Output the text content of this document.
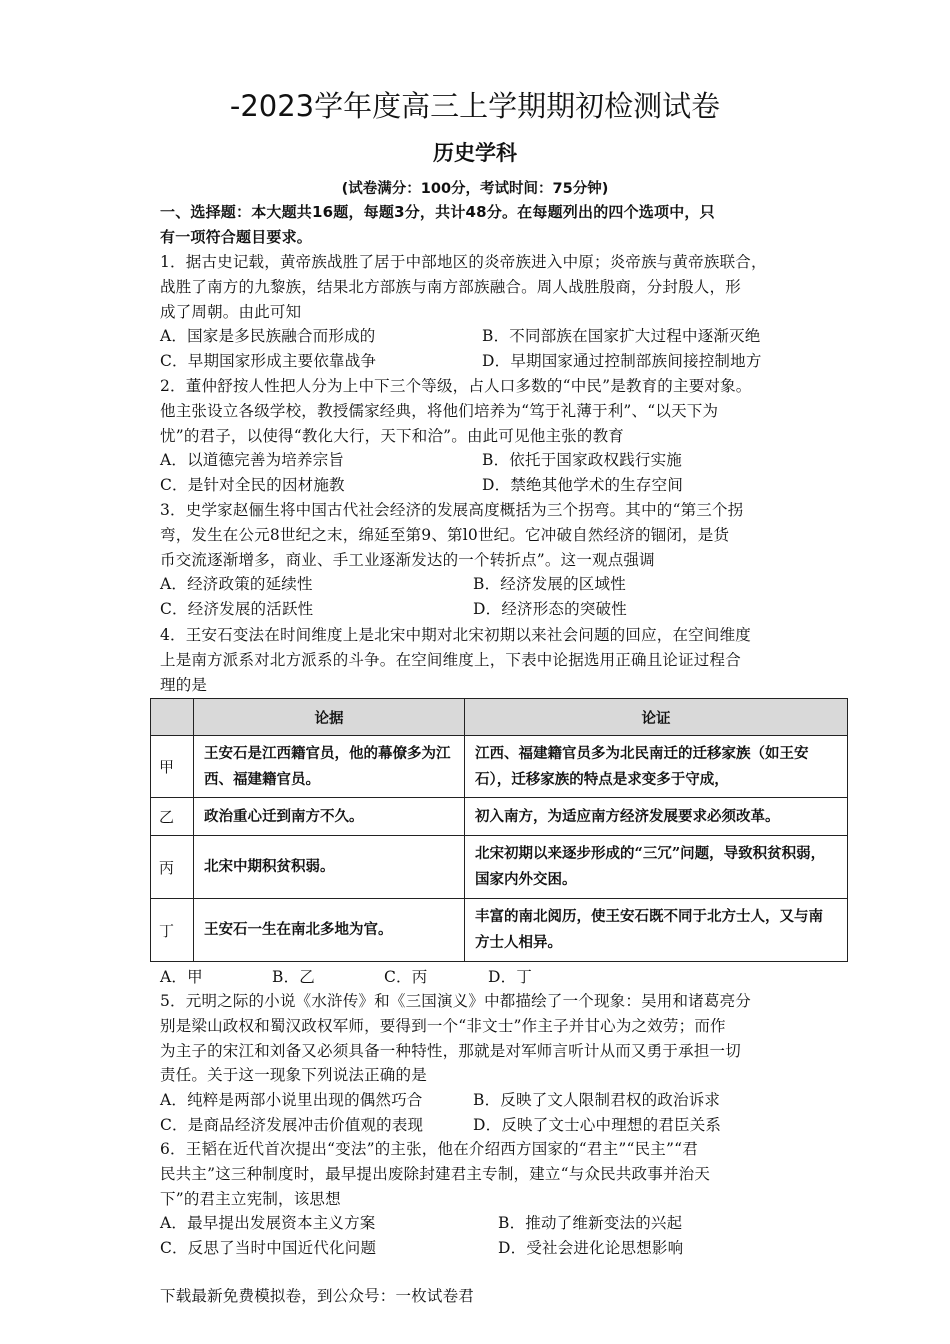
-2023学年度高三上学期期初检测试卷
历史学科
(试卷满分：100分，考试时间：75分钟)
一、选择题：本大题共16题，每题3分，共计48分。在每题列出的四个选项中，只
有一项符合题目要求。
1．据古史记载，黄帝族战胜了居于中部地区的炎帝族进入中原；炎帝族与黄帝族联合，
战胜了南方的九黎族，结果北方部族与南方部族融合。周人战胜殷商，分封殷人，形
成了周朝。由此可知
A．国家是多民族融合而形成的	B．不同部族在国家扩大过程中逐渐灭绝
C．早期国家形成主要依靠战争	D．早期国家通过控制部族间接控制地方
2．董仲舒按人性把人分为上中下三个等级，占人口多数的“中民”是教育的主要对象。
他主张设立各级学校，教授儒家经典，将他们培养为“笃于礼薄于利”、“以天下为
忧”的君子，以使得“教化大行，天下和洽”。由此可见他主张的教育
A．以道德完善为培养宗旨	B．依托于国家政权践行实施
C．是针对全民的因材施教	D．禁绝其他学术的生存空间
3．史学家赵俪生将中国古代社会经济的发展高度概括为三个拐弯。其中的“第三个拐
弯，发生在公元8世纪之末，绵延至第9、第l0世纪。它冲破自然经济的锢闭，是货
币交流逐渐增多，商业、手工业逐渐发达的一个转折点”。这一观点强调
A．经济政策的延续性	B．经济发展的区域性
C．经济发展的活跃性	D．经济形态的突破性
4．王安石变法在时间维度上是北宋中期对北宋初期以来社会问题的回应，在空间维度
上是南方派系对北方派系的斗争。在空间维度上，下表中论据选用正确且论证过程合
理的是
A．甲	B．乙	C．丙	D．丁
5．元明之际的小说《水浒传》和《三国演义》中都描绘了一个现象：吴用和诸葛亮分
别是梁山政权和蜀汉政权军师，要得到一个“非文士”作主子并甘心为之效劳；而作
为主子的宋江和刘备又必须具备一种特性，那就是对军师言听计从而又勇于承担一切
责任。关于这一现象下列说法正确的是
A．纯粹是两部小说里出现的偶然巧合	B．反映了文人限制君权的政治诉求
C．是商品经济发展冲击价值观的表现	D．反映了文士心中理想的君臣关系
6．王韬在近代首次提出“变法”的主张，他在介绍西方国家的“君主”“民主”“君
民共主”这三种制度时，最早提出废除封建君主专制，建立“与众民共政事并治天
下”的君主立宪制，该思想
A．最早提出发展资本主义方案	B．推动了维新变法的兴起
C．反思了当时中国近代化问题	D．受社会进化论思想影响
	论据	论证
甲	王安石是江西籍官员，他的幕僚多为江西、福建籍官员。	江西、福建籍官员多为北民南迁的迁移家族（如王安石），迁移家族的特点是求变多于守成，
乙	政治重心迁到南方不久。	初入南方，为适应南方经济发展要求必须改革。
丙	北宋中期积贫积弱。	北宋初期以来逐步形成的“三冗”问题，导致积贫积弱，国家内外交困。
丁	王安石一生在南北多地为官。	丰富的南北阅历，使王安石既不同于北方士人，又与南方士人相异。
下载最新免费模拟卷，到公众号：一枚试卷君
